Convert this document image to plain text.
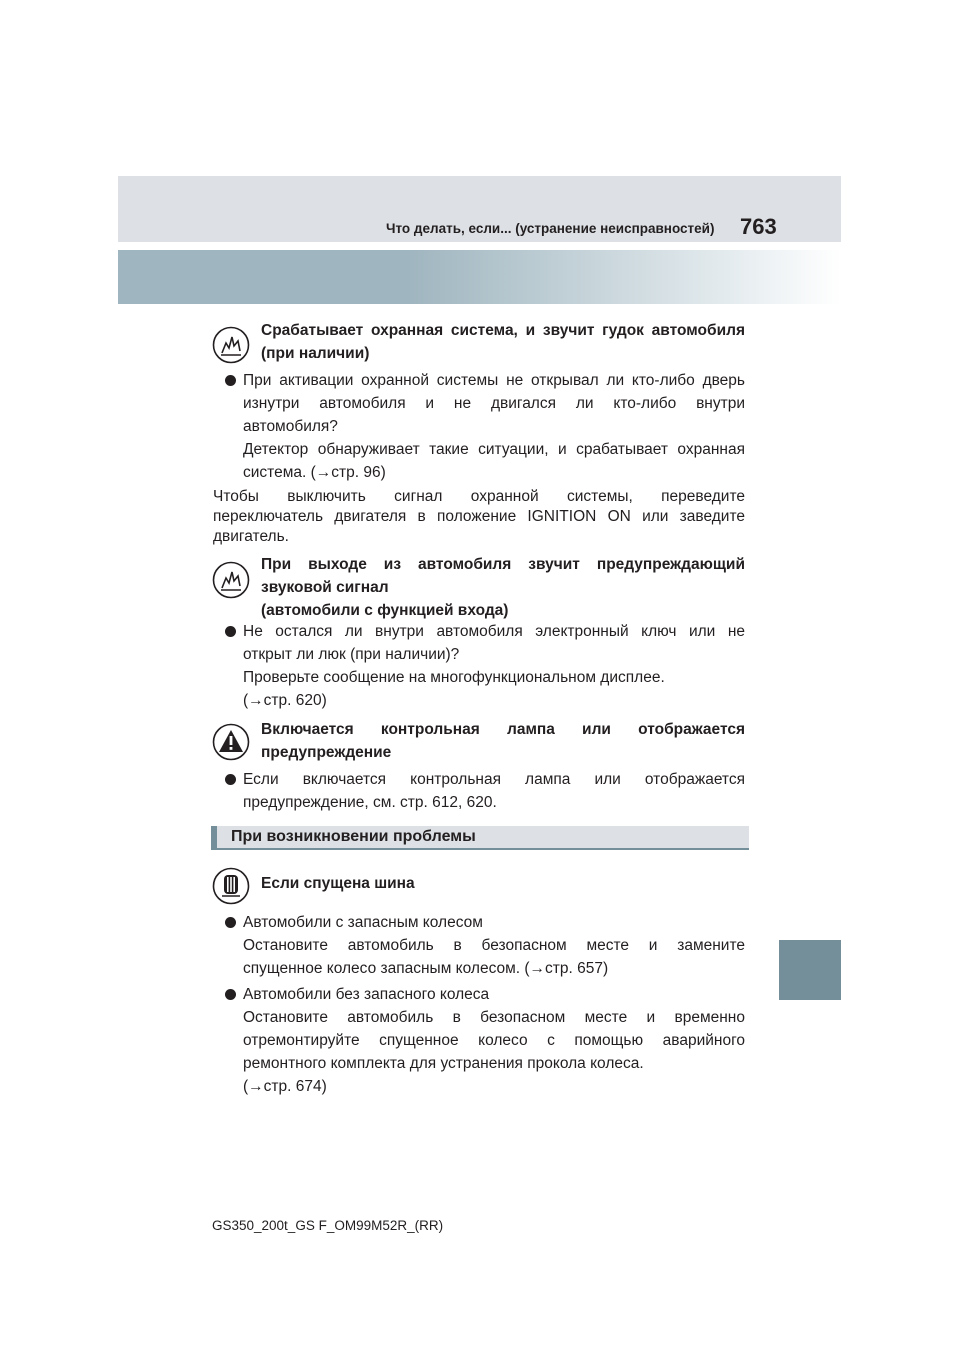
Что делать, если... (устранение неисправностей) 763
Срабатывает охранная система, и звучит гудок автомобиля
(при наличии)
При активации охранной системы не открывал ли кто-либо дверь
изнутри автомобиля и не двигался ли кто-либо внутри
автомобиля?
Детектор обнаруживает такие ситуации, и срабатывает охранная
система. (→стр. 96)
Чтобы выключить сигнал охранной системы, переведите
переключатель двигателя в положение IGNITION ON или заведите
двигатель.
При выходе из автомобиля звучит предупреждающий
звуковой сигнал
(автомобили с функцией входа)
Не остался ли внутри автомобиля электронный ключ или не
открыт ли люк (при наличии)?
Проверьте сообщение на многофункциональном дисплее.
(→стр. 620)
Включается контрольная лампа или отображается
предупреждение
Если включается контрольная лампа или отображается
предупреждение, см. стр. 612, 620.
При возникновении проблемы
Если спущена шина
Автомобили с запасным колесом
Остановите автомобиль в безопасном месте и замените
спущенное колесо запасным колесом. (→стр. 657)
Автомобили без запасного колеса
Остановите автомобиль в безопасном месте и временно
отремонтируйте спущенное колесо с помощью аварийного
ремонтного комплекта для устранения прокола колеса.
(→стр. 674)
GS350_200t_GS F_OM99M52R_(RR)
